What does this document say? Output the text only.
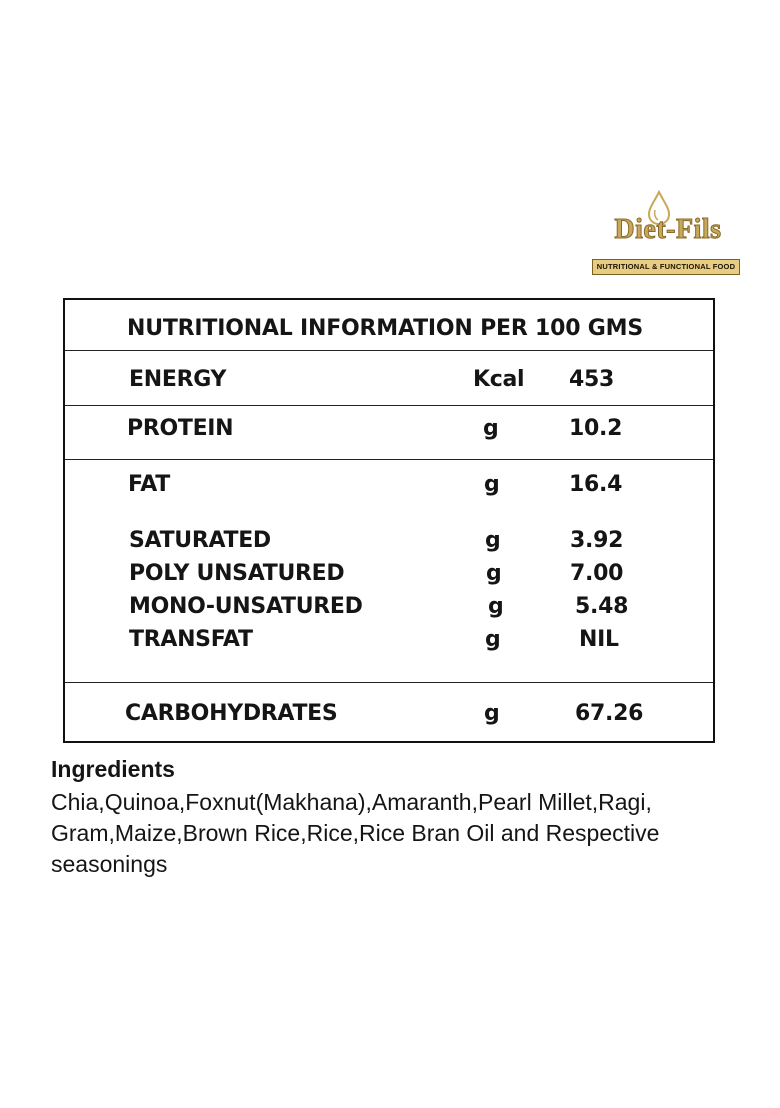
Diet-Fils
NUTRITIONAL & FUNCTIONAL FOOD
NUTRITIONAL INFORMATION PER 100 GMS
ENERGY	Kcal 453
PROTEIN	g	10.2
FAT	g	16.4
SATURATED	g	3.92
POLY UNSATURED	g	7.00
MONO-UNSATURED	g	5.48
TRANSFAT	g	NIL
CARBOHYDRATES	g	67.26
Ingredients
Chia,Quinoa,Foxnut(Makhana),Amaranth,Pearl Millet,Ragi, Gram,Maize,Brown Rice,Rice,Rice Bran Oil and Respective seasonings
